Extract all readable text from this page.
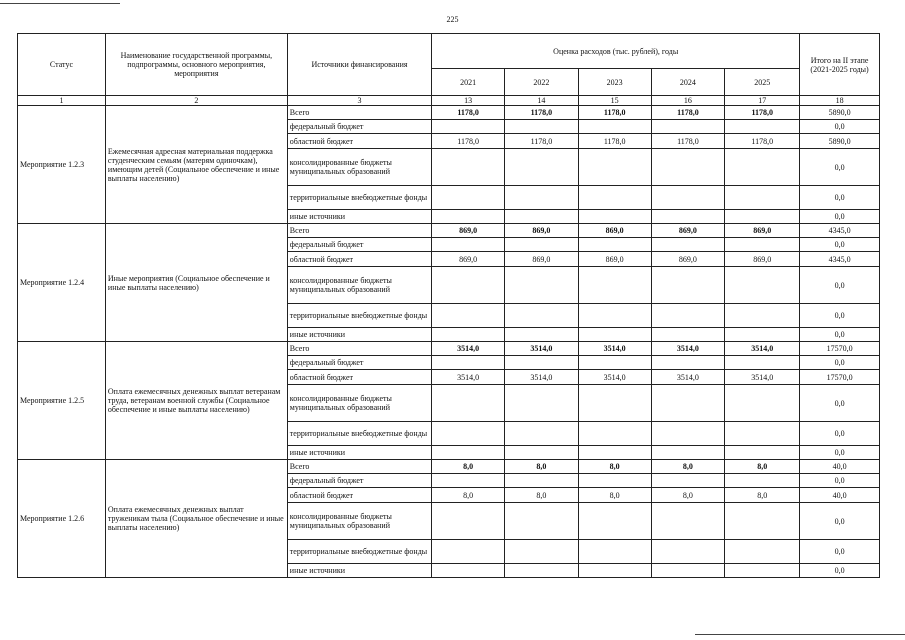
225
Статус	Наименование государственной программы, подпрограммы, основного мероприятия, мероприятия	Источники финансирования	Оценка расходов (тыс. рублей), годы					Итого на II этапе (2021-2025 годы)
			2021	2022	2023	2024	2025	
1	2	3	13	14	15	16	17	18
Мероприятие 1.2.3	Ежемесячная адресная материальная поддержка студенческим семьям (матерям одиночкам), имеющим детей (Социальное обеспечение и иные выплаты населению)	Всего	1178,0	1178,0	1178,0	1178,0	1178,0	5890,0
		федеральный бюджет						0,0
		областной бюджет	1178,0	1178,0	1178,0	1178,0	1178,0	5890,0
		консолидированные бюджеты муниципальных образований						0,0
		территориальные внебюджетные фонды						0,0
		иные источники						0,0
Мероприятие 1.2.4	Иные мероприятия (Социальное обеспечение и иные выплаты населению)	Всего	869,0	869,0	869,0	869,0	869,0	4345,0
		федеральный бюджет						0,0
		областной бюджет	869,0	869,0	869,0	869,0	869,0	4345,0
		консолидированные бюджеты муниципальных образований						0,0
		территориальные внебюджетные фонды						0,0
		иные источники						0,0
Мероприятие 1.2.5	Оплата ежемесячных денежных выплат ветеранам труда, ветеранам военной службы (Социальное обеспечение и иные выплаты населению)	Всего	3514,0	3514,0	3514,0	3514,0	3514,0	17570,0
		федеральный бюджет						0,0
		областной бюджет	3514,0	3514,0	3514,0	3514,0	3514,0	17570,0
		консолидированные бюджеты муниципальных образований						0,0
		территориальные внебюджетные фонды						0,0
		иные источники						0,0
Мероприятие 1.2.6	Оплата ежемесячных денежных выплат труженикам тыла (Социальное обеспечение и иные выплаты населению)	Всего	8,0	8,0	8,0	8,0	8,0	40,0
		федеральный бюджет						0,0
		областной бюджет	8,0	8,0	8,0	8,0	8,0	40,0
		консолидированные бюджеты муниципальных образований						0,0
		территориальные внебюджетные фонды						0,0
		иные источники						0,0
